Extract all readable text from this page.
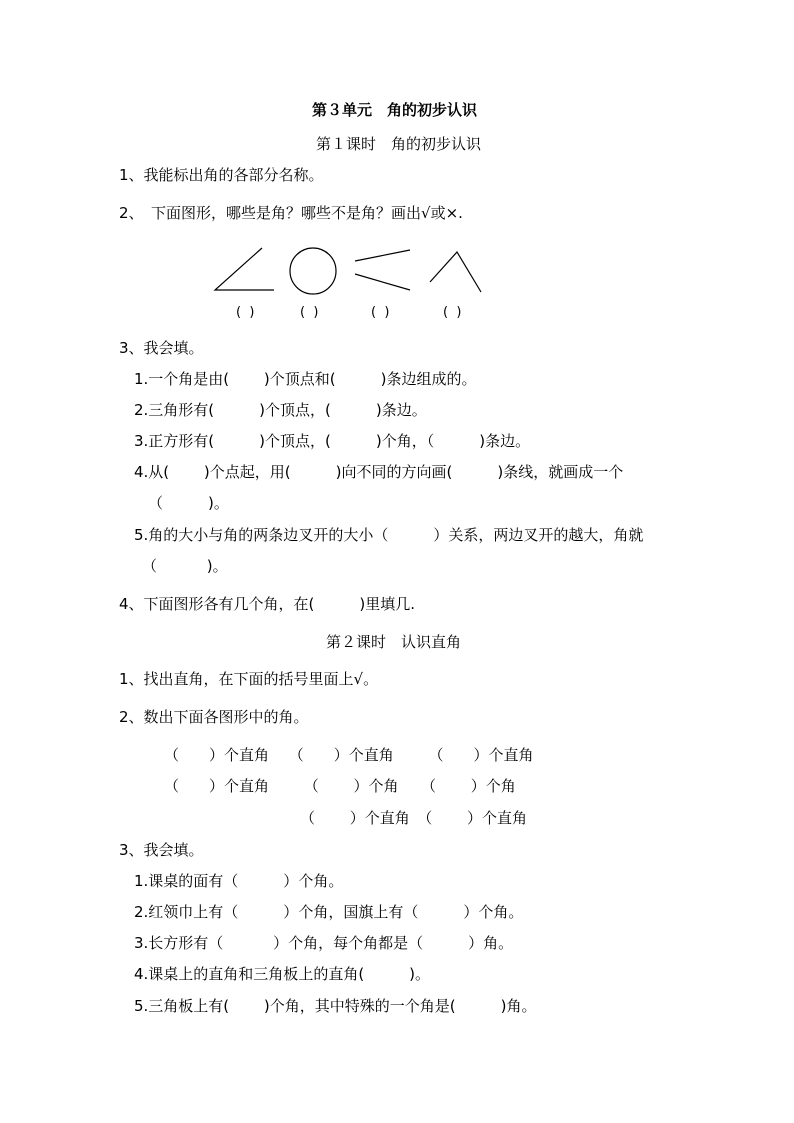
第３单元　角的初步认识
第１课时　角的初步认识
1、我能标出角的各部分名称。
2、　下面图形，哪些是角？哪些不是角？画出√或×.
(  )	(  )	(  )	(  )
3、我会填。
1.一个角是由(　　 )个顶点和(　　　)条边组成的。
2.三角形有(　　　)个顶点，(　　　)条边。
3.正方形有(　　　)个顶点，(　　　)个角，（　　　)条边。
4.从(　　 )个点起，用(　　　)向不同的方向画(　　　)条线，就画成一个
（　　　)。
5.角的大小与角的两条边叉开的大小（　　　）关系，两边叉开的越大，角就
（　　　 )。
4、下面图形各有几个角，在(　　　)里填几.
第２课时　认识直角
1、找出直角，在下面的括号里面上√。
2、数出下面各图形中的角。
（　　）个直角　 （　　）个直角　　 （　　）个直角
（　　）个直角　　 （　　 ）个角　　（　　 ）个角
（　　 ）个直角　（　　 ）个直角
3、我会填。
1.课桌的面有（　　　）个角。
2.红领巾上有（　　　）个角，国旗上有（　　　）个角。
3.长方形有（　　　 ）个角，每个角都是（　　　）角。
4.课桌上的直角和三角板上的直角(　　　)。
5.三角板上有(　　 )个角，其中特殊的一个角是(　　　)角。
